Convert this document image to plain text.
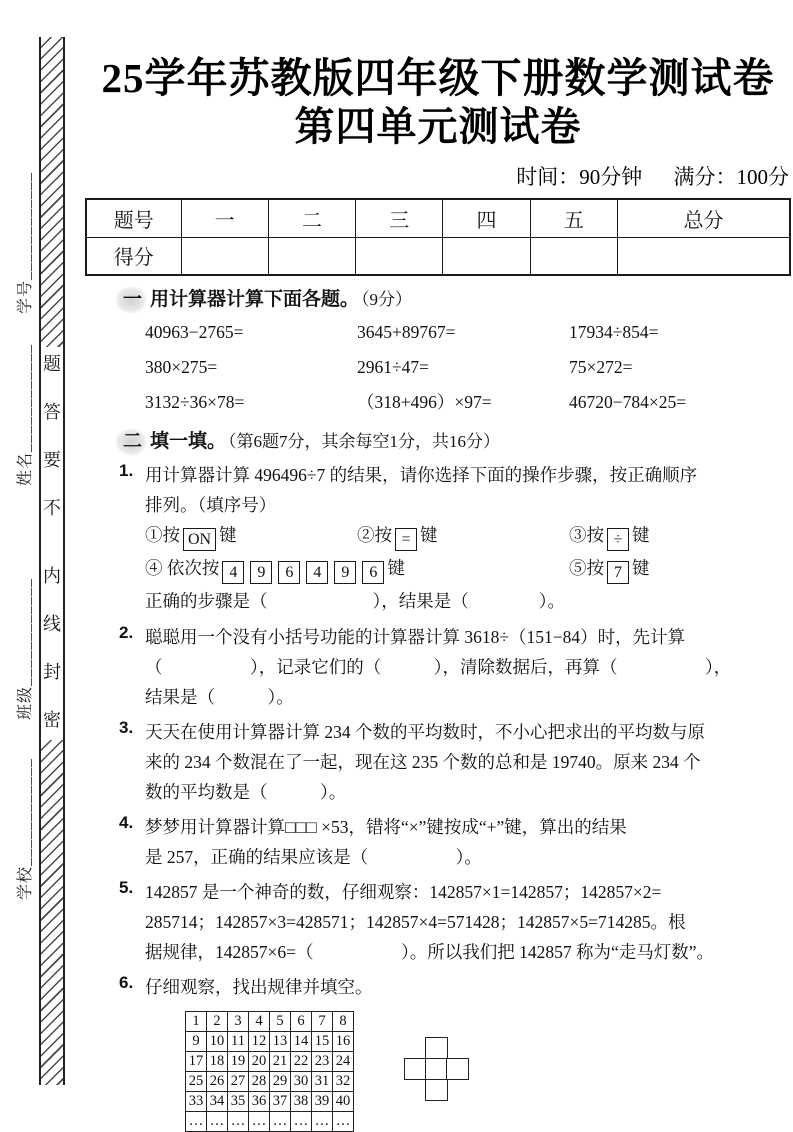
学号____________
姓名____________
班级____________
学校____________
题
答
要
不
内
线
封
密
25学年苏教版四年级下册数学测试卷
第四单元测试卷
时间：90分钟 满分：100分
题号	一	二	三	四	五	总分
得分						
一 用计算器计算下面各题。 （9分）
40963−2765=	3645+89767=	17934÷854=
380×275=	2961÷47=	75×272=
3132÷36×78=	（318+496）×97=	46720−784×25=
二 填一填。 （第6题7分，其余每空1分，共16分）
1. 用计算器计算 496496÷7 的结果，请你选择下面的操作步骤，按正确顺序
排列。（填序号）
①按 ON 键	②按 = 键	③按 ÷ 键
④ 依次按 4 9 6 4 9 6 键	⑤按 7 键
正确的步骤是（　　　　　　），结果是（　　　　）。
2. 聪聪用一个没有小括号功能的计算器计算 3618÷（151−84）时，先计算
（　　　　　），记录它们的（　　　），清除数据后，再算（　　　　　），
结果是（　　　）。
3. 天天在使用计算器计算 234 个数的平均数时，不小心把求出的平均数与原
来的 234 个数混在了一起，现在这 235 个数的总和是 19740。原来 234 个
数的平均数是（　　　）。
4. 梦梦用计算器计算□□□ ×53，错将“×”键按成“+”键，算出的结果
是 257，正确的结果应该是（　　　　　）。
5. 142857 是一个神奇的数，仔细观察：142857×1=142857；142857×2=
285714；142857×3=428571；142857×4=571428；142857×5=714285。根
据规律，142857×6=（　　　　　）。所以我们把 142857 称为“走马灯数”。
6. 仔细观察，找出规律并填空。
1	2	3	4	5	6	7	8
9	10	11	12	13	14	15	16
17	18	19	20	21	22	23	24
25	26	27	28	29	30	31	32
33	34	35	36	37	38	39	40
…	…	…	…	…	…	…	…
